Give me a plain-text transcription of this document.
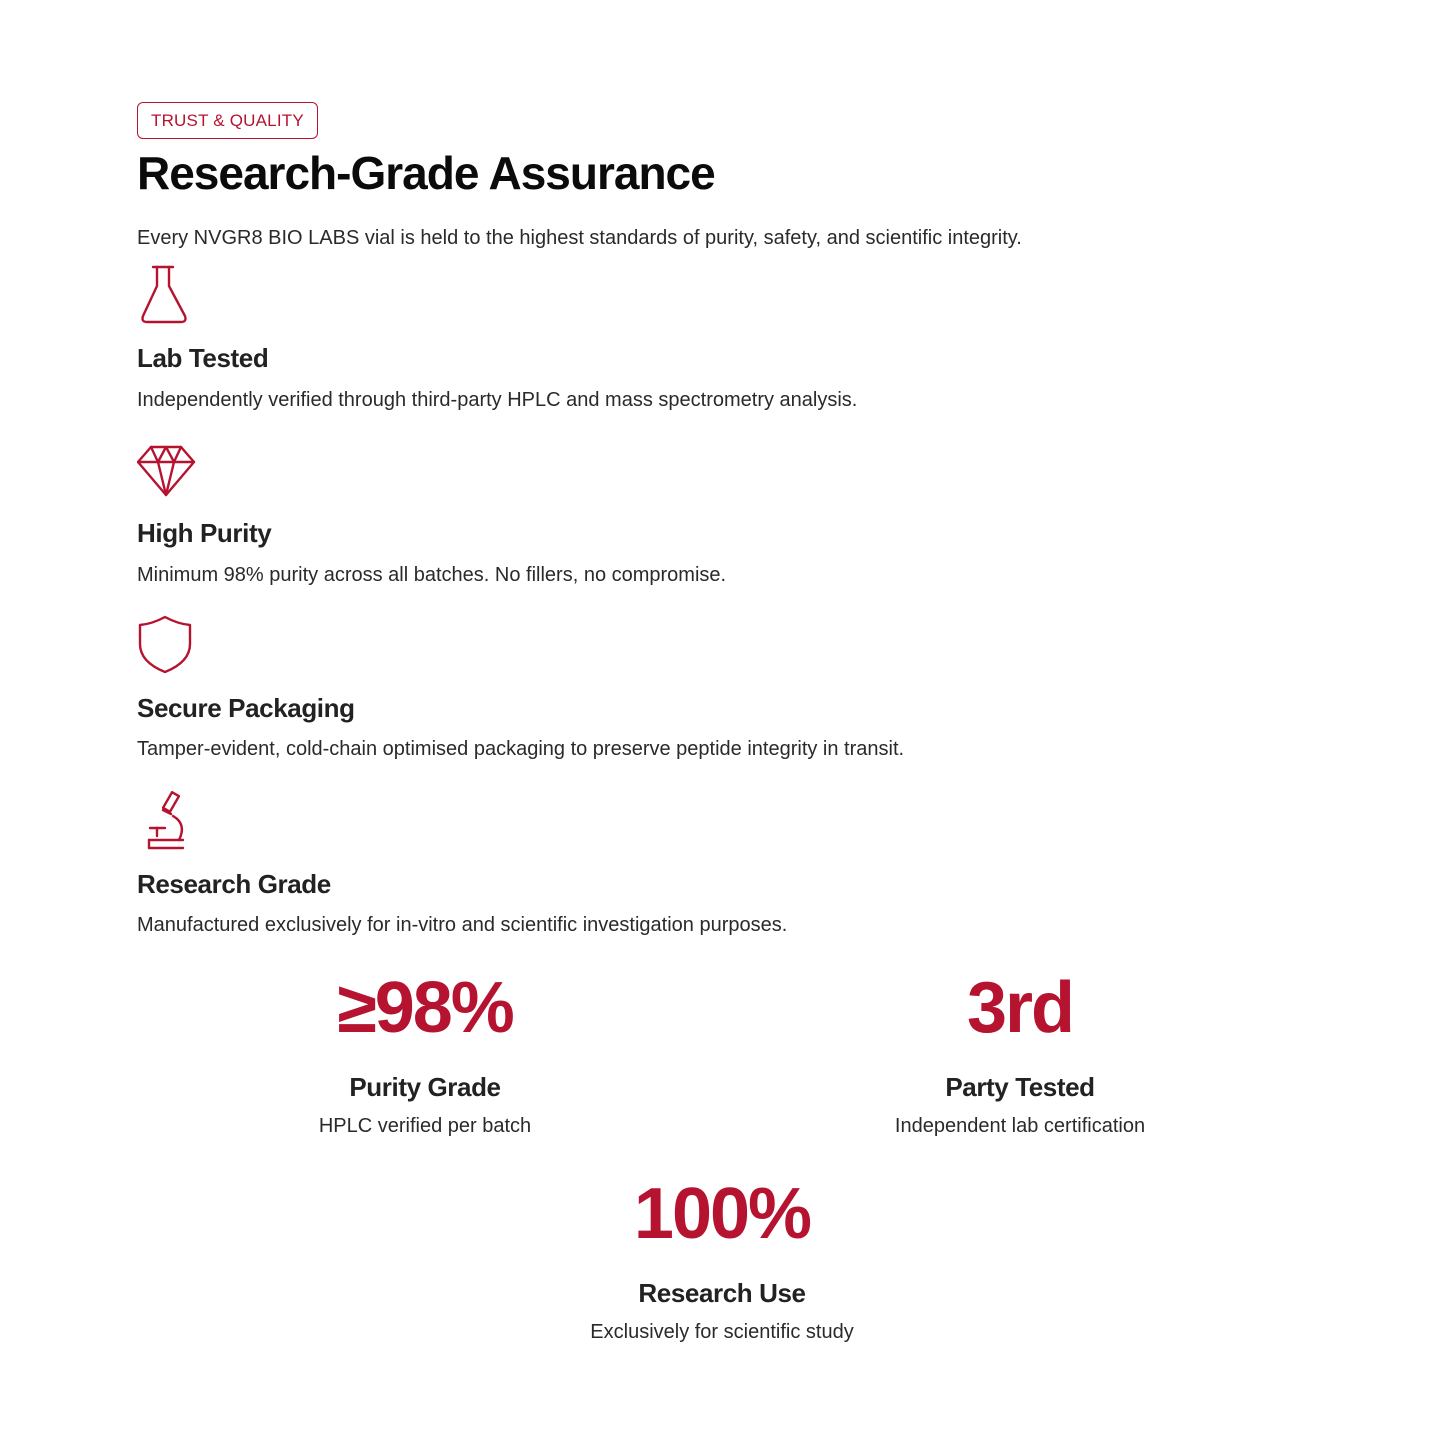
TRUST & QUALITY
Research-Grade Assurance

Every NVGR8 BIO LABS vial is held to the highest standards of purity, safety, and scientific integrity.

Lab Tested

Independently verified through third-party HPLC and mass spectrometry analysis.

High Purity

Minimum 98% purity across all batches. No fillers, no compromise.

Secure Packaging

Tamper-evident, cold-chain optimised packaging to preserve peptide integrity in transit.

Research Grade

Manufactured exclusively for in-vitro and scientific investigation purposes.

≥98%
Purity Grade
HPLC verified per batch
3rd
Party Tested
Independent lab certification
100%
Research Use
Exclusively for scientific study
